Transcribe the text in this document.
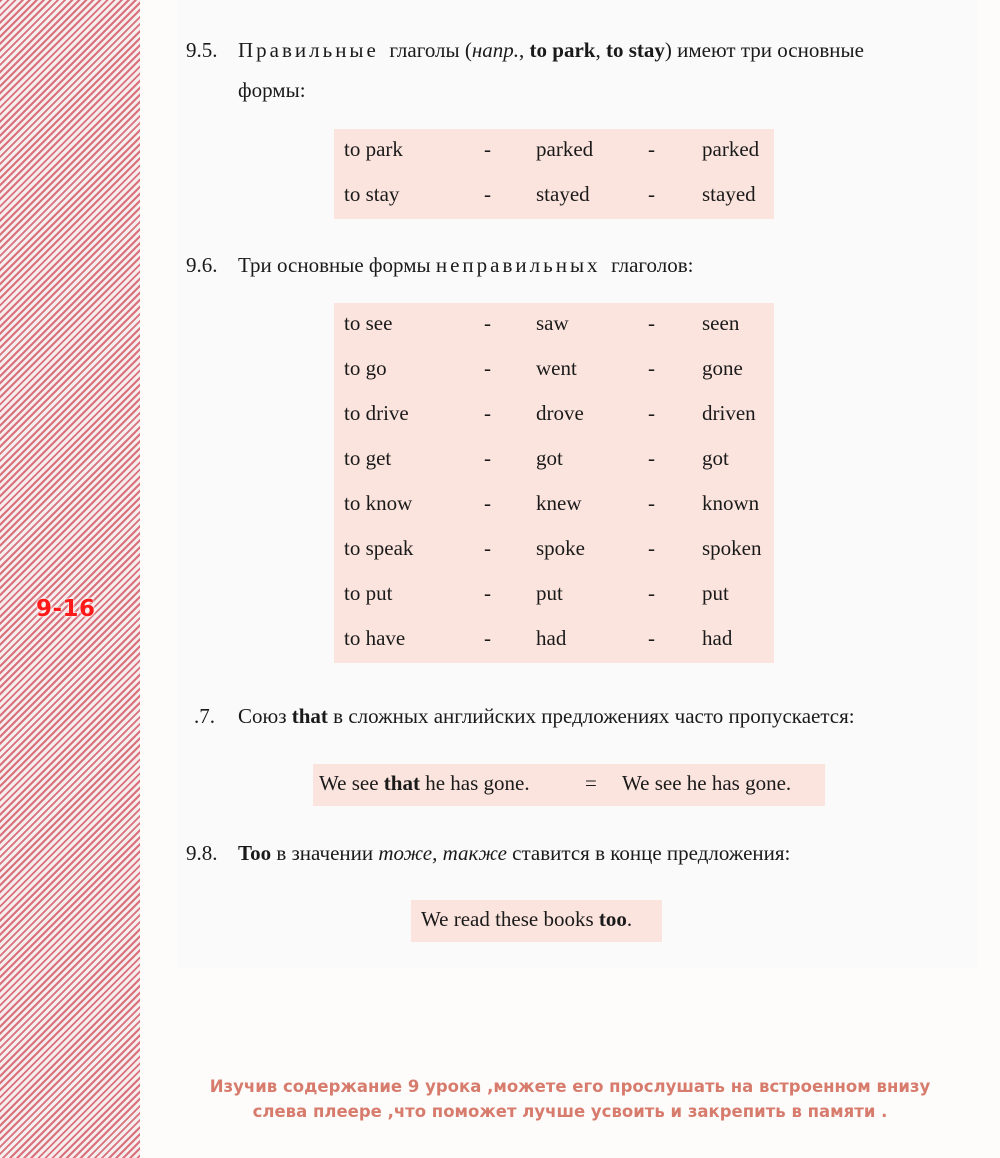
9-16
9.5. Правильные глаголы (напр., to park, to stay) имеют три основные
формы:
to park	- parked	- parked
to stay	- stayed	- stayed
9.6. Три основные формы неправильных глаголов:
to see	- saw	- seen
to go	- went	- gone
to drive	- drove	- driven
to get	- got	- got
to know	- knew	- known
to speak	- spoke	- spoken
to put	- put	- put
to have	- had	- had
.7. Союз that в сложных английских предложениях часто пропускается:
We see that he has gone.	= We see he has gone.
9.8. Too в значении тоже, также ставится в конце предложения:
We read these books too.
Изучив содержание 9 урока ,можете его прослушать на встроенном внизу
слева плеере ,что поможет лучше усвоить и закрепить в памяти .
